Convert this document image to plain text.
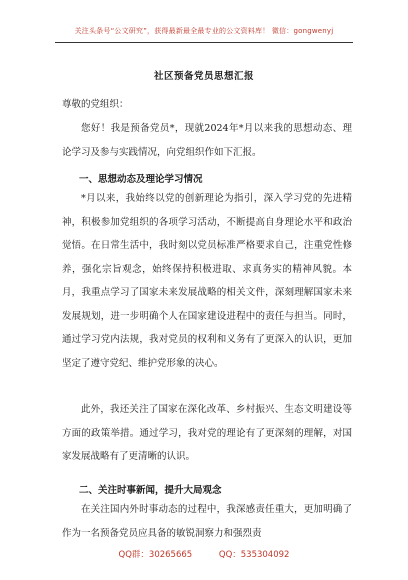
关注头条号“公文研究”，获得最新最全最专业的公文资料库！ 微信：gongwenyj
社区预备党员思想汇报
尊敬的党组织：

您好！我是预备党员*，现就2024年*月以来我的思想动态、理论学习及参与实践情况，向党组织作如下汇报。

一、思想动态及理论学习情况

*月以来，我始终以党的创新理论为指引，深入学习党的先进精神，积极参加党组织的各项学习活动，不断提高自身理论水平和政治觉悟。在日常生活中，我时刻以党员标准严格要求自己，注重党性修养，强化宗旨观念，始终保持积极进取、求真务实的精神风貌。本月，我重点学习了国家未来发展战略的相关文件，深刻理解国家未来发展规划，进一步明确个人在国家建设进程中的责任与担当。同时，通过学习党内法规，我对党员的权利和义务有了更深入的认识，更加坚定了遵守党纪、维护党形象的决心。

此外，我还关注了国家在深化改革、乡村振兴、生态文明建设等方面的政策举措。通过学习，我对党的理论有了更深刻的理解，对国家发展战略有了更清晰的认识。

二、关注时事新闻，提升大局观念

在关注国内外时事动态的过程中，我深感责任重大，更加明确了作为一名预备党员应具备的敏锐洞察力和强烈责

QQ群：30265665	QQ：535304092
